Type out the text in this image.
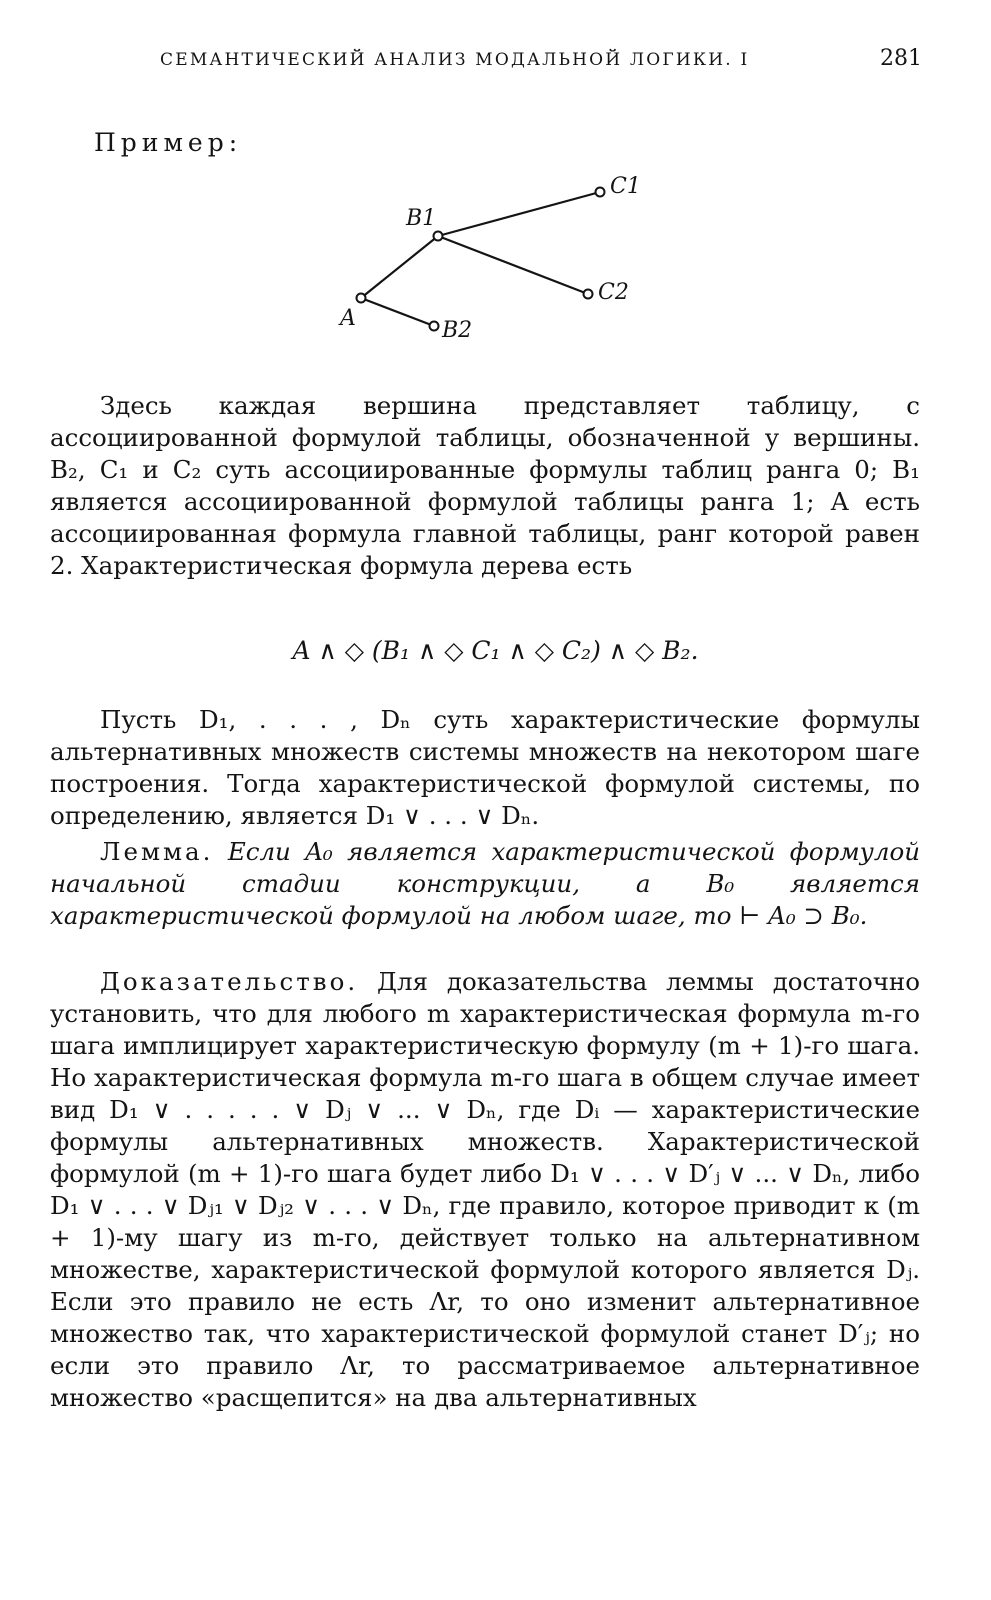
СЕМАНТИЧЕСКИЙ АНАЛИЗ МОДАЛЬНОЙ ЛОГИКИ. I	281
Пример:
A
B1
C1
C2
B2

Здесь каждая вершина представляет таблицу, с ассоциированной формулой таблицы, обозначенной у вершины. B₂, C₁ и C₂ суть ассоциированные формулы таблиц ранга 0; B₁ является ассоциированной формулой таблицы ранга 1; A есть ассоциированная формула главной таблицы, ранг которой равен 2. Характеристическая формула дерева есть

A ∧ ◇ (B₁ ∧ ◇ C₁ ∧ ◇ C₂) ∧ ◇ B₂.

Пусть D₁, . . . , Dₙ суть характеристические формулы альтернативных множеств системы множеств на некотором шаге построения. Тогда характеристической формулой системы, по определению, является D₁ ∨ . . . ∨ Dₙ.

Лемма. Если A₀ является характеристической формулой начальной стадии конструкции, а B₀ является характеристической формулой на любом шаге, то ⊢ A₀ ⊃ B₀.

Доказательство. Для доказательства леммы достаточно установить, что для любого m характеристическая формула m-го шага имплицирует характеристическую формулу (m + 1)-го шага. Но характеристическая формула m-го шага в общем случае имеет вид D₁ ∨ . . . . . ∨ Dⱼ ∨ ... ∨ Dₙ, где Dᵢ — характеристические формулы альтернативных множеств. Характеристической формулой (m + 1)-го шага будет либо D₁ ∨ . . . ∨ D′ⱼ ∨ ... ∨ Dₙ, либо D₁ ∨ . . . ∨ Dⱼ₁ ∨ Dⱼ₂ ∨ . . . ∨ Dₙ, где правило, которое приводит к (m + 1)-му шагу из m-го, действует только на альтернативном множестве, характеристической формулой которого является Dⱼ. Если это правило не есть Λr, то оно изменит альтернативное множество так, что характеристической формулой станет D′ⱼ; но если это правило Λr, то рассматриваемое альтернативное множество «расщепится» на два альтернативных
